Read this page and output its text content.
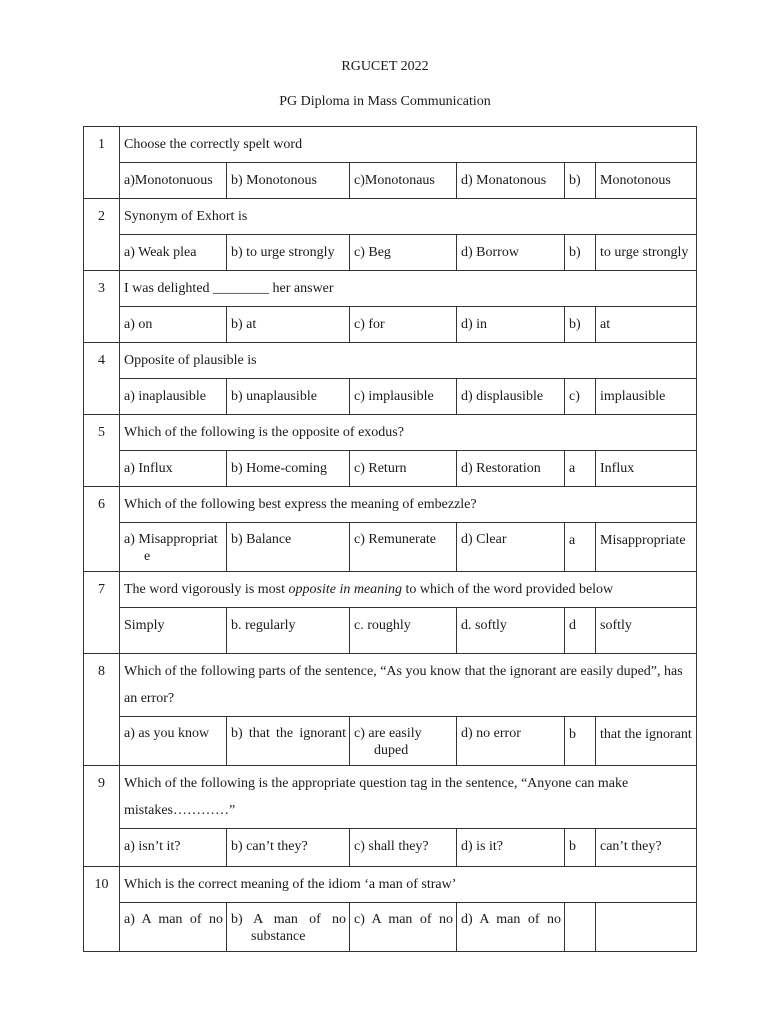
RGUCET 2022
PG Diploma in Mass Communication
1	Choose the correctly spelt word					
	a)Monotonuous	b) Monotonous	c)Monotonaus	d) Monatonous	b)	Monotonous
2	Synonym of Exhort is					
	a) Weak plea	b) to urge strongly	c) Beg	d) Borrow	b)	to urge strongly
3	I was delighted ________ her answer					
	a) on	b) at	c) for	d) in	b)	at
4	Opposite of plausible is					
	a) inaplausible	b) unaplausible	c) implausible	d) displausible	c)	implausible
5	Which of the following is the opposite of exodus?					
	a) Influx	b) Home-coming	c) Return	d) Restoration	a	Influx
6	Which of the following best express the meaning of embezzle?					

	a) Misappropriate	b) Balance	c) Remunerate	d) Clear	a	Misappropriate
7	The word vigorously is most opposite in meaning to which of the word provided below					
	Simply	b. regularly	c. roughly	d. softly	d	softly
8	Which of the following parts of the sentence, “As you know that the ignorant are easily duped”, has an error?					

	a) as you know	b) that the ignorant	c) are easily duped	d) no error	b	that the ignorant
9	Which of the following is the appropriate question tag in the sentence, “Anyone can make mistakes…………”					
	a) isn’t it?	b) can’t they?	c) shall they?	d) is it?	b	can’t they?
10	Which is the correct meaning of the idiom ‘a man of straw’					

	a) A man of no	b) A man of no substance	c) A man of no	d) A man of no		
